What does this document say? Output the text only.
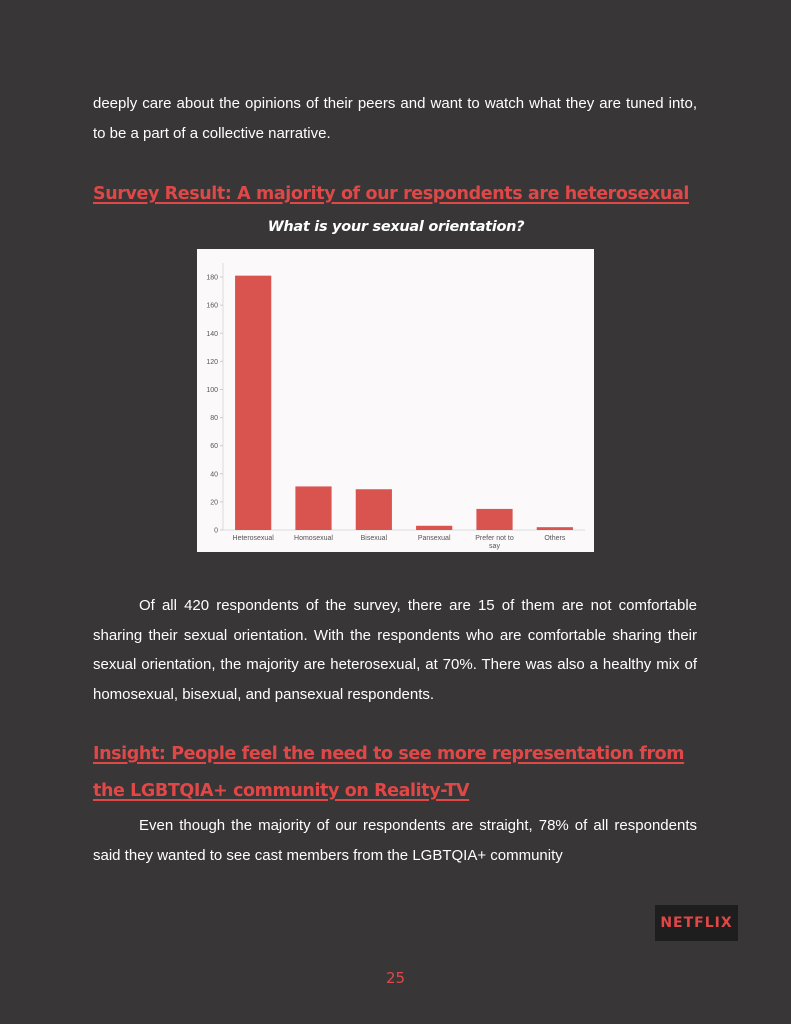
deeply care about the opinions of their peers and want to watch what they are tuned into, to be a part of a collective narrative.

Survey Result: A majority of our respondents are heterosexual

What is your sexual orientation?

0
20
40
60
80
100
120
140
160
180
Heterosexual	Homosexual	Bisexual	Pansexual	Prefer not to say
Others

Of all 420 respondents of the survey, there are 15 of them are not comfortable sharing their sexual orientation. With the respondents who are comfortable sharing their sexual orientation, the majority are heterosexual, at 70%. There was also a healthy mix of homosexual, bisexual, and pansexual respondents.

Insight: People feel the need to see more representation from the LGBTQIA+ community on Reality-TV

Even though the majority of our respondents are straight, 78% of all respondents said they wanted to see cast members from the LGBTQIA+ community

NETFLIX

25
